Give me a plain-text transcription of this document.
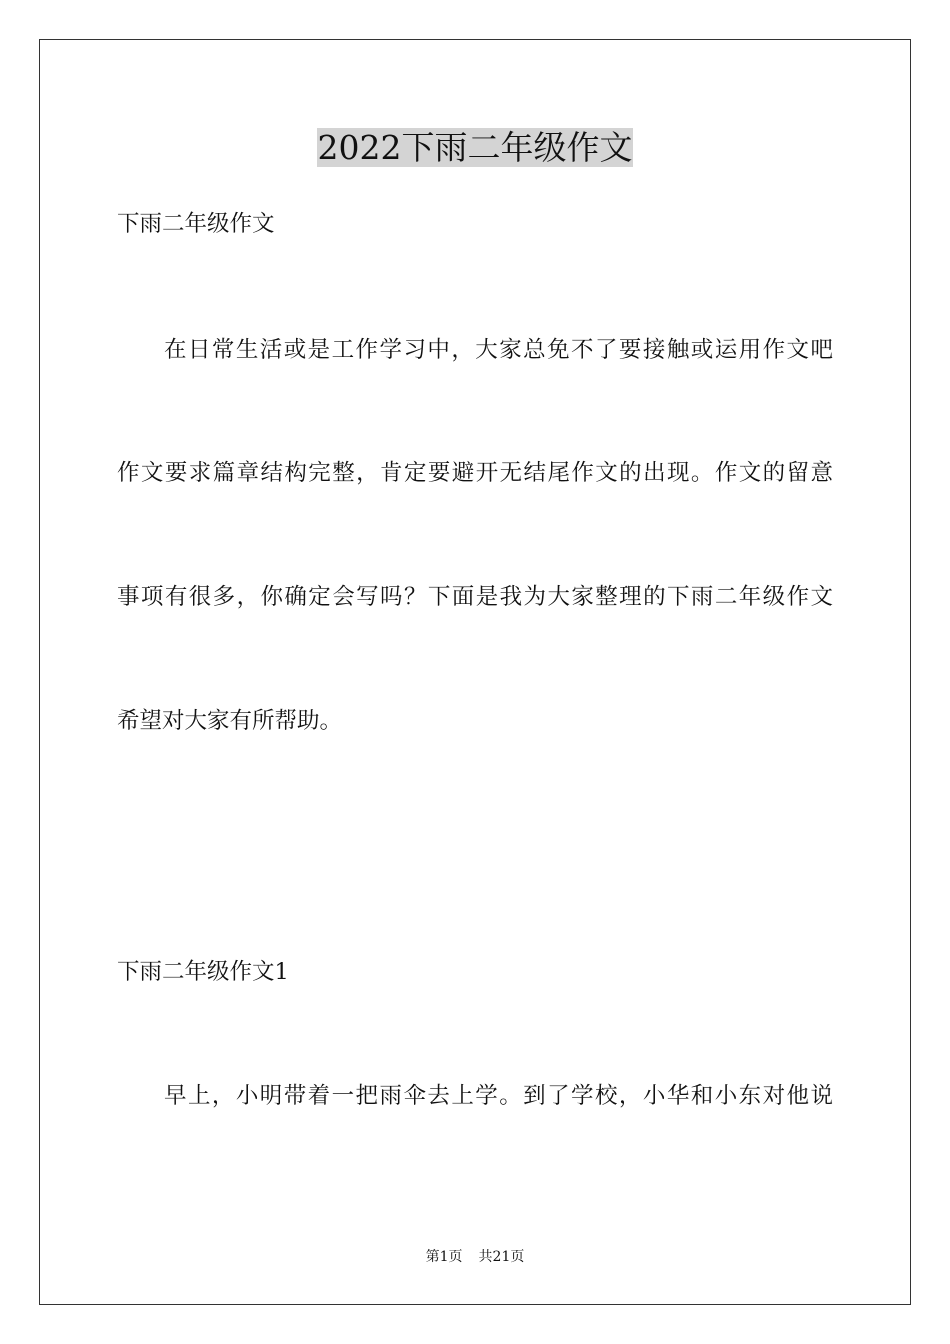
2022下雨二年级作文
下雨二年级作文
在日常生活或是工作学习中，大家总免不了要接触或运用作文吧
作文要求篇章结构完整，肯定要避开无结尾作文的出现。作文的留意
事项有很多，你确定会写吗？下面是我为大家整理的下雨二年级作文
希望对大家有所帮助。
下雨二年级作文1
早上，小明带着一把雨伞去上学。到了学校，小华和小东对他说
第1页 共21页
